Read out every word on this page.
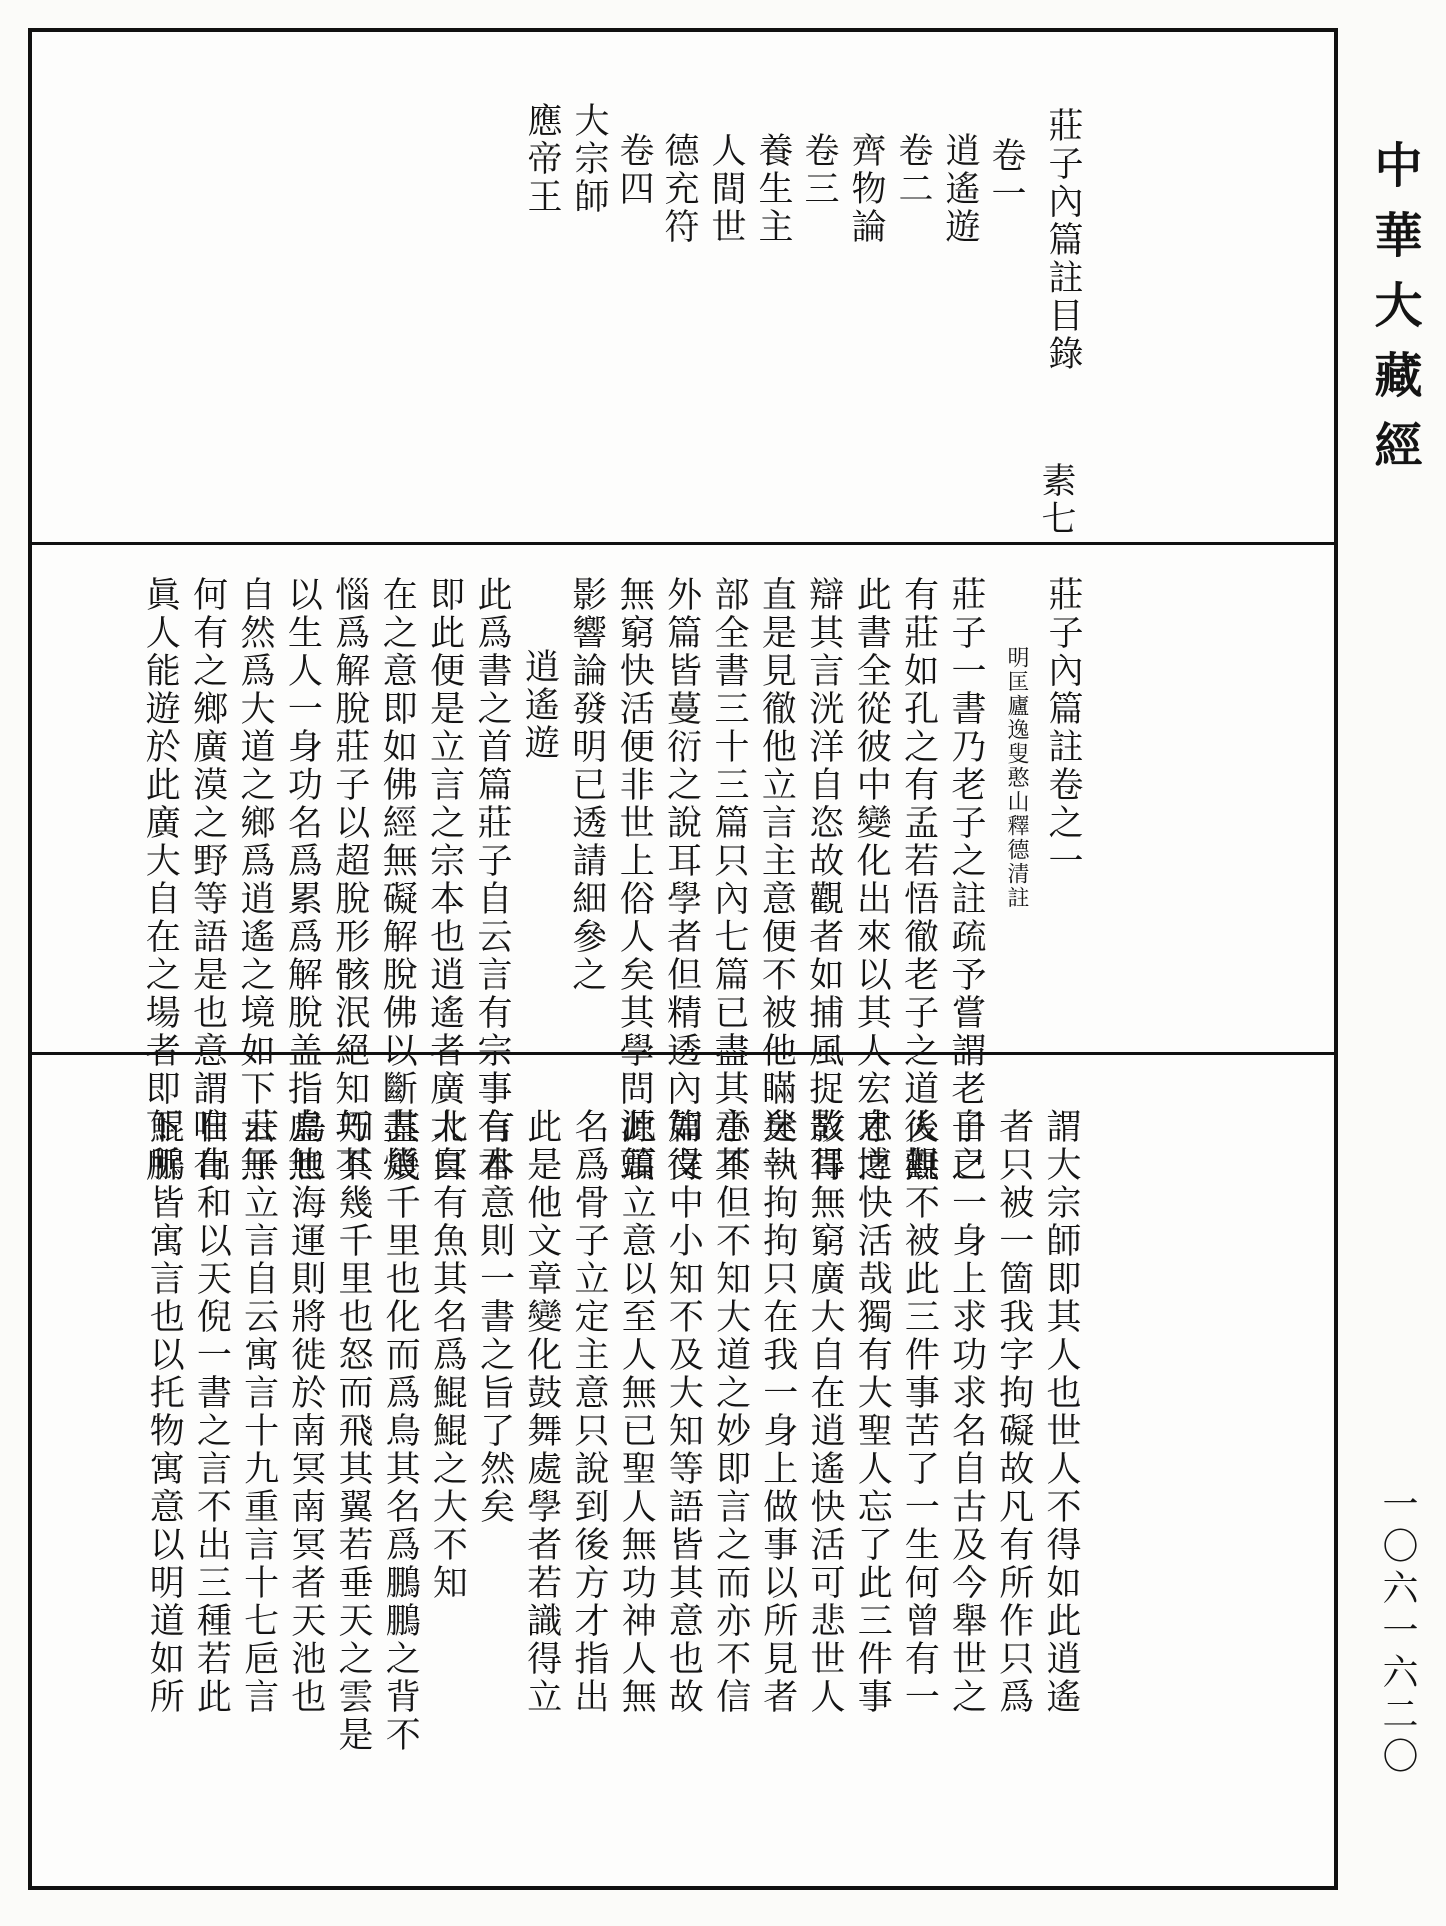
莊子內篇註目錄
卷一
逍遙遊
卷二
齊物論
卷三
養生主
人間世
德充符
卷四
大宗師
應帝王
素七
莊子內篇註卷之一
明匡廬逸叟憨山釋德清註
莊子一書乃老子之註疏予嘗謂老子之
有莊如孔之有孟若悟徹老子之道後觀
此書全從彼中變化出來以其人宏才博
辯其言洸洋自恣故觀者如捕風捉影耳
直是見徹他立言主意便不被他瞞矣一
部全書三十三篇只內七篇已盡其意其
外篇皆蔓衍之說耳學者但精透內篇得
無窮快活便非世上俗人矣其學問源頭
影響論發明已透請細參之
逍遙遊
此爲書之首篇莊子自云言有宗事有君
即此便是立言之宗本也逍遙者廣大自
在之意即如佛經無礙解脫佛以斷盡煩
惱爲解脫莊子以超脫形骸泯絕知巧不
以生人一身功名爲累爲解脫盖指虛無
自然爲大道之鄉爲逍遙之境如下云無
何有之鄉廣漠之野等語是也意謂唯有
眞人能遊於此廣大自在之場者即下所
謂大宗師即其人也世人不得如此逍遙
者只被一箇我字拘礙故凡有所作只爲
自已一身上求功求名自古及今舉世之
人無不被此三件事苦了一生何曾有一
息之快活哉獨有大聖人忘了此三件事
故得無窮廣大自在逍遙快活可悲世人
迷執拘拘只在我一身上做事以所見者
小不但不知大道之妙即言之而亦不信
如文中小知不及大知等語皆其意也故
此篇立意以至人無已聖人無功神人無
名爲骨子立定主意只說到後方才指出
此是他文章變化鼓舞處學者若識得立
言本意則一書之旨了然矣
北冥有魚其名爲鯤鯤之大不知
其幾千里也化而爲鳥其名爲鵬鵬之背不
知其幾千里也怒而飛其翼若垂天之雲是
鳥也海運則將徙於南冥南冥者天池也
莊子立言自云寓言十九重言十七巵言
日出和以天倪一書之言不出三種若此
鯤鵬皆寓言也以托物寓意以明道如所
中華大藏經
一〇六一六二〇
